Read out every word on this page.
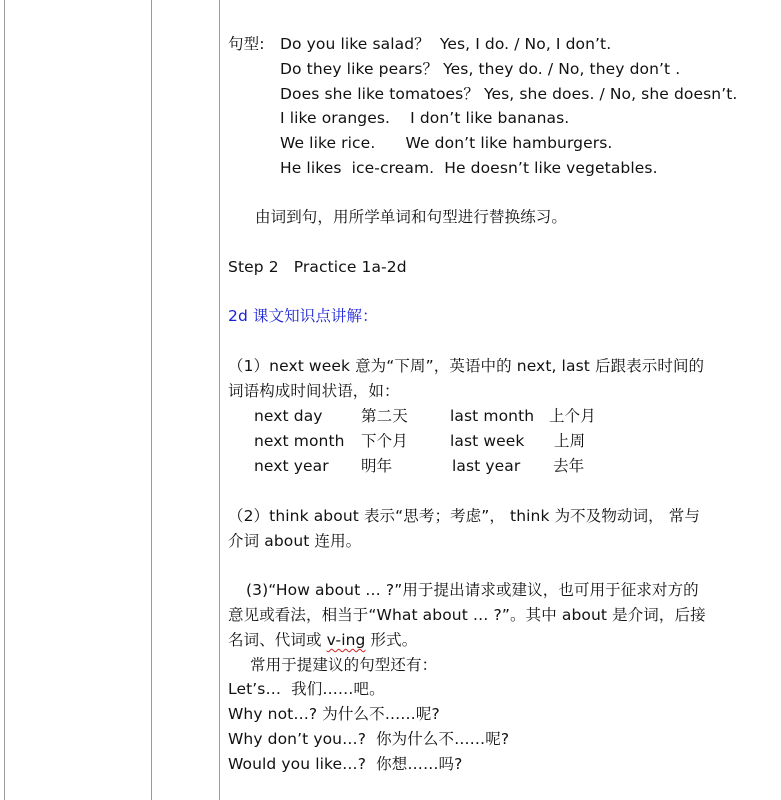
句型: Do you like salad？  Yes, I do. / No, I don’t.
Do they like pears？ Yes, they do. / No, they don’t .
Does she like tomatoes？ Yes, she does. / No, she doesn’t.
I like oranges.    I don’t like bananas.
We like rice.      We don’t like hamburgers.
He likes  ice-cream.  He doesn’t like vegetables.
由词到句，用所学单词和句型进行替换练习。
Step 2   Practice 1a-2d
2d 课文知识点讲解：
（1）next week 意为“下周”，英语中的 next, last 后跟表示时间的
词语构成时间状语，如：
next day 第二天	last month 上个月
next month 下个月	last week 上周
next year 明年	last year 去年
（2）think about 表示“思考；考虑”， think 为不及物动词， 常与
介词 about 连用。
(3)“How about … ?”用于提出请求或建议，也可用于征求对方的
意见或看法，相当于“What about … ?”。其中 about 是介词，后接
名词、代词或 v-ing 形式。
常用于提建议的句型还有：
Let’s…  我们……吧。
Why not…? 为什么不……呢?
Why don’t you…?  你为什么不……呢?
Would you like…?  你想……吗?
